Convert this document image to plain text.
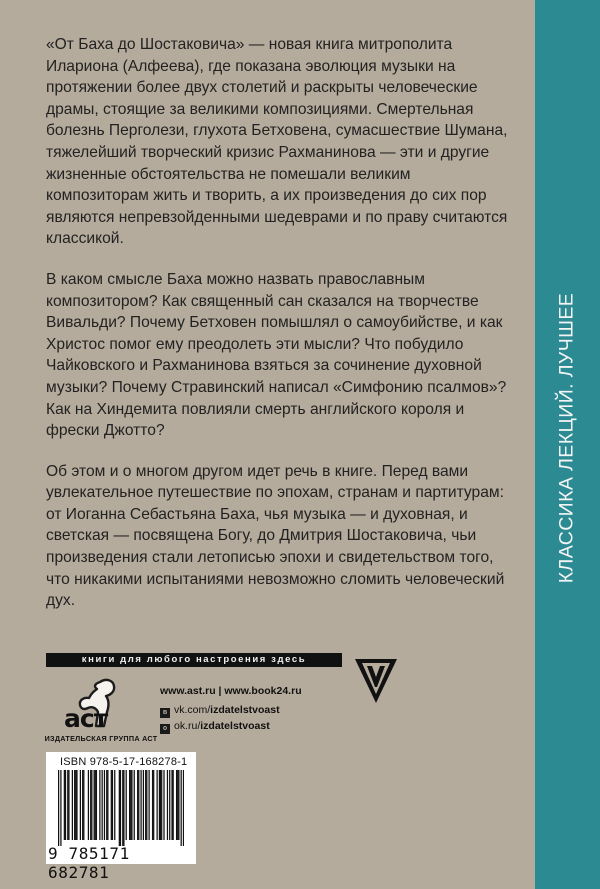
КЛАССИКА ЛЕКЦИЙ. ЛУЧШЕЕ

«От Баха до Шостаковича» — новая книга митрополита Илариона (Алфеева), где показана эволюция музыки на протяжении более двух столетий и раскрыты человеческие драмы, стоящие за великими композициями. Смертельная болезнь Перголези, глухота Бетховена, сумасшествие Шумана, тяжелейший творческий кризис Рахманинова — эти и другие жизненные обстоятельства не помешали великим композиторам жить и творить, а их произведения до сих пор являются непревзойденными шедеврами и по праву считаются классикой.

В каком смысле Баха можно назвать православным композитором? Как священный сан сказался на творчестве Вивальди? Почему Бетховен помышлял о самоубийстве, и как Христос помог ему преодолеть эти мысли? Что побудило Чайковского и Рахманинова взяться за сочинение духовной музыки? Почему Стравинский написал «Симфонию псалмов»? Как на Хиндемита повлияли смерть английского короля и фрески Джотто?

Об этом и о многом другом идет речь в книге. Перед вами увлекательное путешествие по эпохам, странам и партитурам: от Иоганна Себастьяна Баха, чья музыка — и духовная, и светская — посвящена Богу, до Дмитрия Шостаковича, чьи произведения стали летописью эпохи и свидетельством того, что никакими испытаниями невозможно сломить человеческий дух.

книги для любого настроения здесь
аст
ИЗДАТЕЛЬСКАЯ ГРУППА АСТ
www.ast.ru | www.book24.ru
в vk.com/izdatelstvoast
о ok.ru/izdatelstvoast
ISBN 978-5-17-168278-1
9 785171 682781
